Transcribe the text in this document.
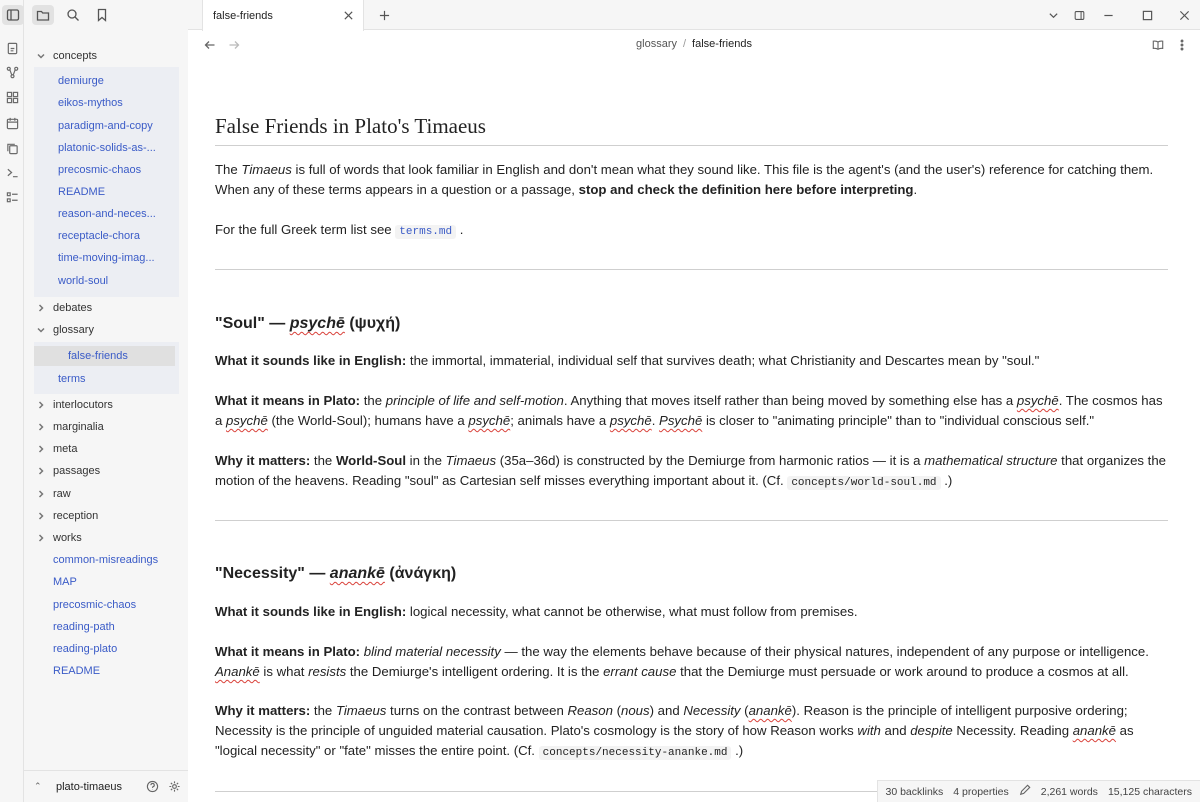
concepts
demiurge
eikos-mythos
paradigm-and-copy
platonic-solids-as-...
precosmic-chaos
README
reason-and-neces...
receptacle-chora
time-moving-imag...
world-soul
debates
glossary
false-friends
terms
interlocutors
marginalia
meta
passages
raw
reception
works
common-misreadings
MAP
precosmic-chaos
reading-path
reading-plato
README
⌃	plato-timaeus
false-friends
glossary / false-friends
False Friends in Plato's Timaeus
The Timaeus is full of words that look familiar in English and don't mean what they sound like. This file is the agent's (and the user's) reference for catching them. When any of these terms appears in a question or a passage, stop and check the definition here before interpreting.
For the full Greek term list see terms.md .
"Soul" — psychē (ψυχή)
What it sounds like in English: the immortal, immaterial, individual self that survives death; what Christianity and Descartes mean by "soul."
What it means in Plato: the principle of life and self-motion. Anything that moves itself rather than being moved by something else has a psychē. The cosmos has a psychē (the World-Soul); humans have a psychē; animals have a psychē. Psychē is closer to "animating principle" than to "individual conscious self."
Why it matters: the World-Soul in the Timaeus (35a–36d) is constructed by the Demiurge from harmonic ratios — it is a mathematical structure that organizes the motion of the heavens. Reading "soul" as Cartesian self misses everything important about it. (Cf. concepts/world-soul.md .)
"Necessity" — anankē (ἀνάγκη)
What it sounds like in English: logical necessity, what cannot be otherwise, what must follow from premises.
What it means in Plato: blind material necessity — the way the elements behave because of their physical natures, independent of any purpose or intelligence. Anankē is what resists the Demiurge's intelligent ordering. It is the errant cause that the Demiurge must persuade or work around to produce a cosmos at all.
Why it matters: the Timaeus turns on the contrast between Reason (nous) and Necessity (anankē). Reason is the principle of intelligent purposive ordering; Necessity is the principle of unguided material causation. Plato's cosmology is the story of how Reason works with and despite Necessity. Reading anankē as "logical necessity" or "fate" misses the entire point. (Cf. concepts/necessity-ananke.md .)
30 backlinks 4 properties	2,261 words 15,125 characters
